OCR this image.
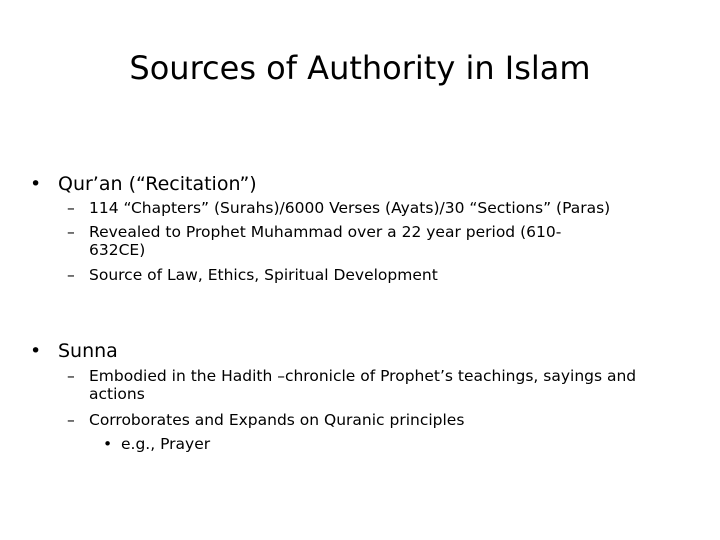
Sources of Authority in Islam
• Qur’an (“Recitation”)
– 114 “Chapters” (Surahs)/6000 Verses (Ayats)/30 “Sections” (Paras)
– Revealed to Prophet Muhammad over a 22 year period (610-
632CE)
– Source of Law, Ethics, Spiritual Development
• Sunna
– Embodied in the Hadith –chronicle of Prophet’s teachings, sayings and
actions
– Corroborates and Expands on Quranic principles
• e.g., Prayer
